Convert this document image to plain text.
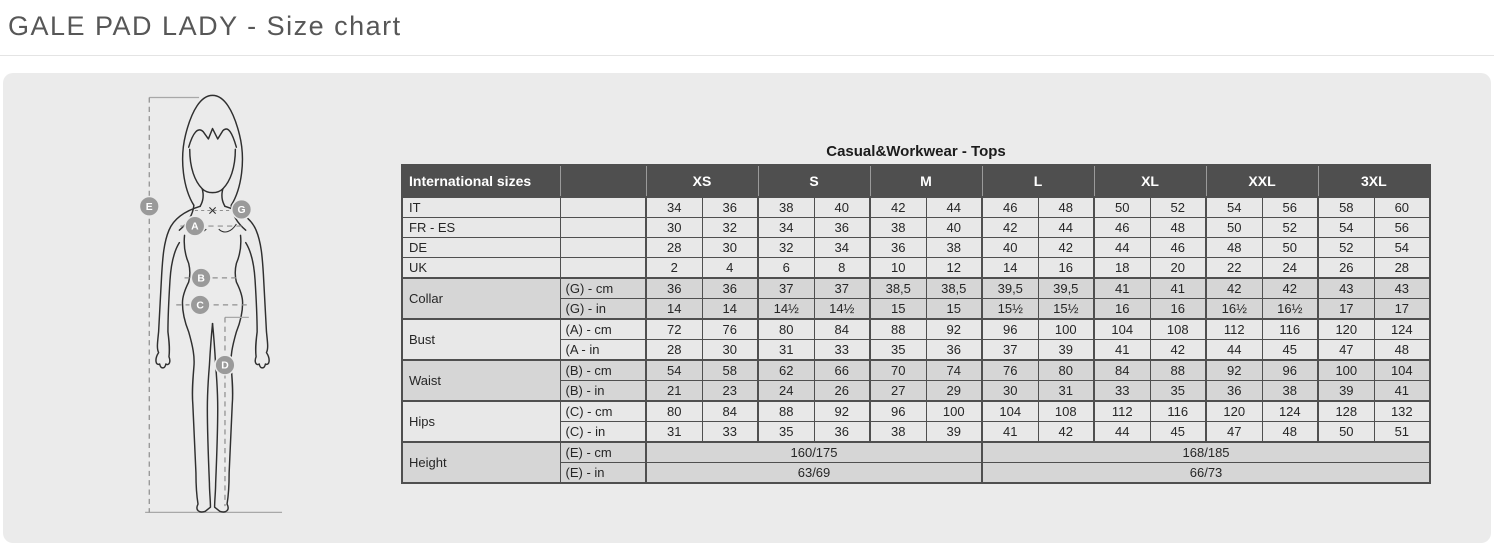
GALE PAD LADY - Size chart
E	G
A
B
C
D
Casual&Workwear - Tops
International sizes		XS		S		M		L		XL		XXL		3XL	
IT		34	36	38	40	42	44	46	48	50	52	54	56	58	60
FR - ES		30	32	34	36	38	40	42	44	46	48	50	52	54	56
DE		28	30	32	34	36	38	40	42	44	46	48	50	52	54
UK		2	4	6	8	10	12	14	16	18	20	22	24	26	28
Collar	(G) - cm	36	36	37	37	38,5	38,5	39,5	39,5	41	41	42	42	43	43
	(G) - in	14	14	14½	14½	15	15	15½	15½	16	16	16½	16½	17	17
Bust	(A) - cm	72	76	80	84	88	92	96	100	104	108	112	116	120	124
	(A - in	28	30	31	33	35	36	37	39	41	42	44	45	47	48
Waist	(B) - cm	54	58	62	66	70	74	76	80	84	88	92	96	100	104
	(B) - in	21	23	24	26	27	29	30	31	33	35	36	38	39	41
Hips	(C) - cm	80	84	88	92	96	100	104	108	112	116	120	124	128	132
	(C) - in	31	33	35	36	38	39	41	42	44	45	47	48	50	51
Height	(E) - cm	160/175						168/185							
	(E) - in	63/69						66/73							
